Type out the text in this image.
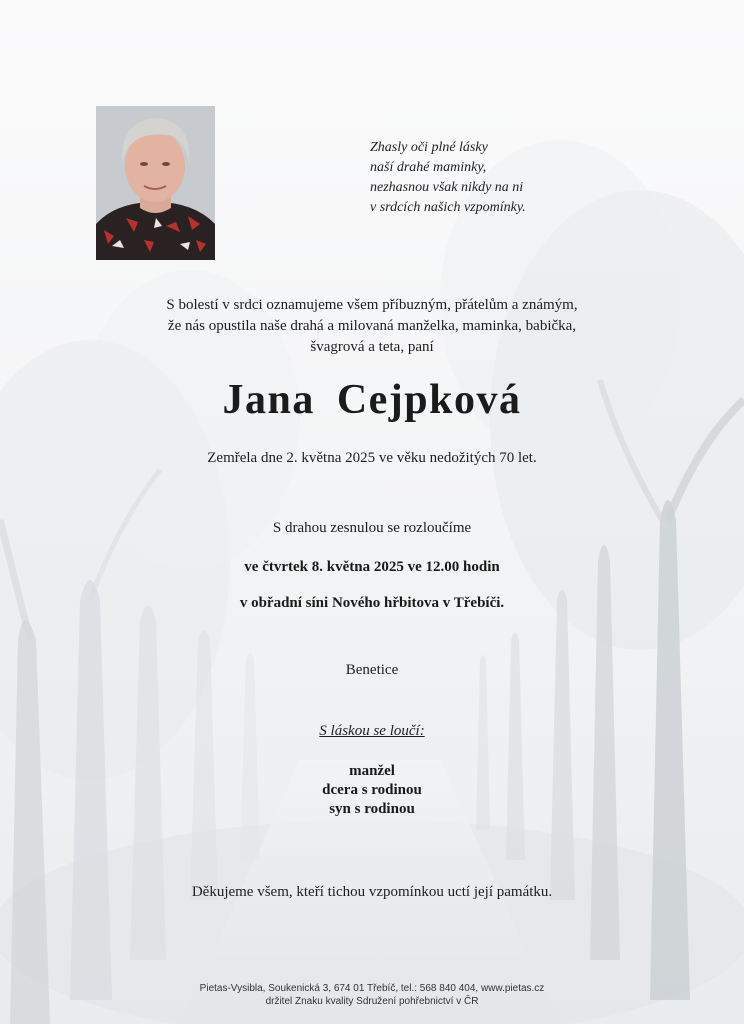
Zhasly oči plné lásky
naší drahé maminky,
nezhasnou však nikdy na ni
v srdcích našich vzpomínky.
S bolestí v srdci oznamujeme všem příbuzným, přátelům a známým,
že nás opustila naše drahá a milovaná manželka, maminka, babička,
švagrová a teta, paní
Jana Cejpková
Zemřela dne 2. května 2025 ve věku nedožitých 70 let.
S drahou zesnulou se rozloučíme
ve čtvrtek 8. května 2025 ve 12.00 hodin
v obřadní síni Nového hřbitova v Třebíči.
Benetice
S láskou se loučí:
manžel
dcera s rodinou
syn s rodinou
Děkujeme všem, kteří tichou vzpomínkou uctí její památku.
Pietas-Vysibla, Soukenická 3, 674 01 Třebíč, tel.: 568 840 404, www.pietas.cz
držitel Znaku kvality Sdružení pohřebnictví v ČR
